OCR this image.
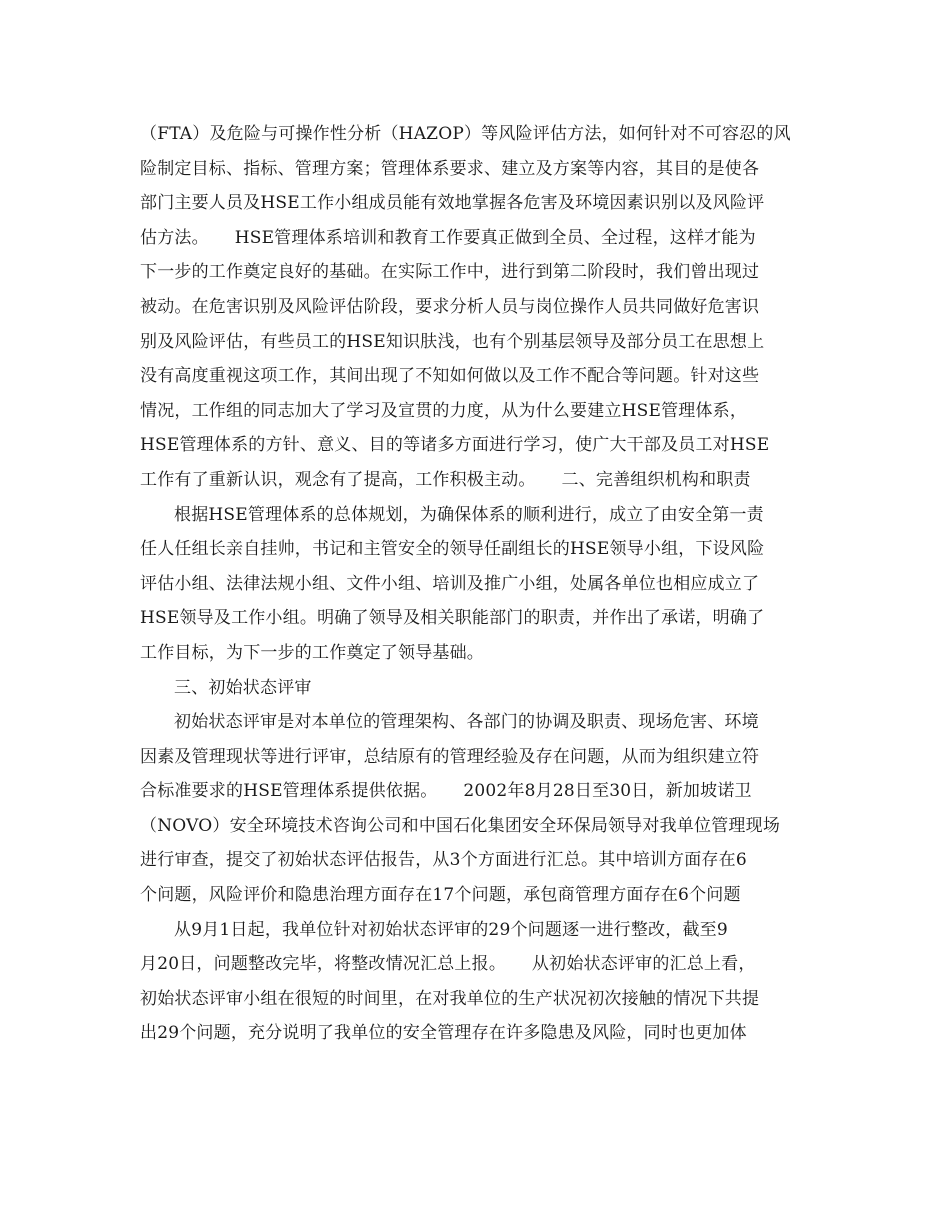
（FTA）及危险与可操作性分析（HAZOP）等风险评估方法，如何针对不可容忍的风
险制定目标、指标、管理方案；管理体系要求、建立及方案等内容，其目的是使各
部门主要人员及HSE工作小组成员能有效地掌握各危害及环境因素识别以及风险评
估方法。　　HSE管理体系培训和教育工作要真正做到全员、全过程，这样才能为
下一步的工作奠定良好的基础。在实际工作中，进行到第二阶段时，我们曾出现过
被动。在危害识别及风险评估阶段，要求分析人员与岗位操作人员共同做好危害识
别及风险评估，有些员工的HSE知识肤浅，也有个别基层领导及部分员工在思想上
没有高度重视这项工作，其间出现了不知如何做以及工作不配合等问题。针对这些
情况，工作组的同志加大了学习及宣贯的力度，从为什么要建立HSE管理体系，
HSE管理体系的方针、意义、目的等诸多方面进行学习，使广大干部及员工对HSE
工作有了重新认识，观念有了提高，工作积极主动。　　二、完善组织机构和职责
根据HSE管理体系的总体规划，为确保体系的顺利进行，成立了由安全第一责
任人任组长亲自挂帅，书记和主管安全的领导任副组长的HSE领导小组，下设风险
评估小组、法律法规小组、文件小组、培训及推广小组，处属各单位也相应成立了
HSE领导及工作小组。明确了领导及相关职能部门的职责，并作出了承诺，明确了
工作目标，为下一步的工作奠定了领导基础。
三、初始状态评审
初始状态评审是对本单位的管理架构、各部门的协调及职责、现场危害、环境
因素及管理现状等进行评审，总结原有的管理经验及存在问题，从而为组织建立符
合标准要求的HSE管理体系提供依据。　　2002年8月28日至30日，新加坡诺卫
（NOVO）安全环境技术咨询公司和中国石化集团安全环保局领导对我单位管理现场
进行审查，提交了初始状态评估报告，从3个方面进行汇总。其中培训方面存在6
个问题，风险评价和隐患治理方面存在17个问题，承包商管理方面存在6个问题
从9月1日起，我单位针对初始状态评审的29个问题逐一进行整改，截至9
月20日，问题整改完毕，将整改情况汇总上报。　　从初始状态评审的汇总上看，
初始状态评审小组在很短的时间里，在对我单位的生产状况初次接触的情况下共提
出29个问题，充分说明了我单位的安全管理存在许多隐患及风险，同时也更加体
